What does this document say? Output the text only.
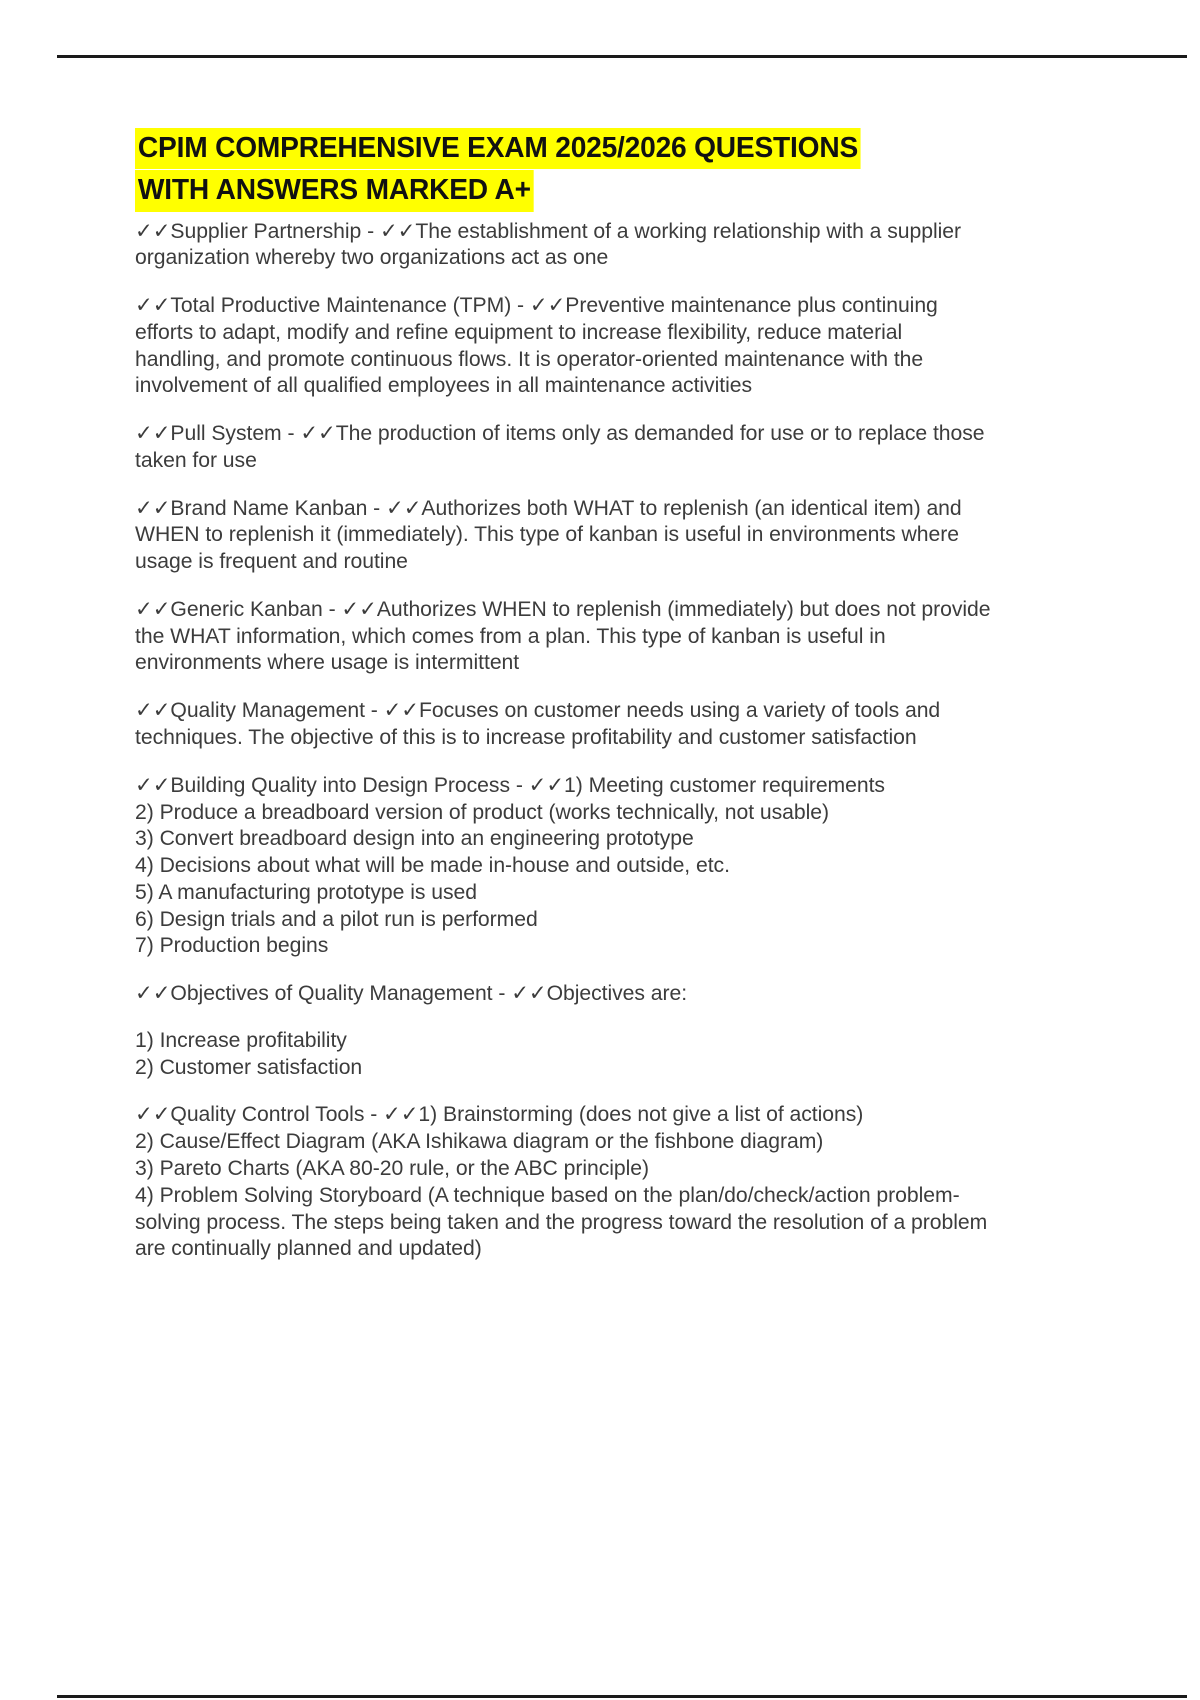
CPIM COMPREHENSIVE EXAM 2025/2026 QUESTIONS
WITH ANSWERS MARKED A+

✓✓Supplier Partnership - ✓✓The establishment of a working relationship with a supplier organization whereby two organizations act as one

✓✓Total Productive Maintenance (TPM) - ✓✓Preventive maintenance plus continuing efforts to adapt, modify and refine equipment to increase flexibility, reduce material handling, and promote continuous flows. It is operator-oriented maintenance with the involvement of all qualified employees in all maintenance activities

✓✓Pull System - ✓✓The production of items only as demanded for use or to replace those taken for use

✓✓Brand Name Kanban - ✓✓Authorizes both WHAT to replenish (an identical item) and WHEN to replenish it (immediately). This type of kanban is useful in environments where usage is frequent and routine

✓✓Generic Kanban - ✓✓Authorizes WHEN to replenish (immediately) but does not provide the WHAT information, which comes from a plan. This type of kanban is useful in environments where usage is intermittent

✓✓Quality Management - ✓✓Focuses on customer needs using a variety of tools and techniques. The objective of this is to increase profitability and customer satisfaction

✓✓Building Quality into Design Process - ✓✓1) Meeting customer requirements
2) Produce a breadboard version of product (works technically, not usable)
3) Convert breadboard design into an engineering prototype
4) Decisions about what will be made in-house and outside, etc.
5) A manufacturing prototype is used
6) Design trials and a pilot run is performed
7) Production begins

✓✓Objectives of Quality Management - ✓✓Objectives are:

1) Increase profitability
2) Customer satisfaction
✓✓Quality Control Tools - ✓✓1) Brainstorming (does not give a list of actions)
2) Cause/Effect Diagram (AKA Ishikawa diagram or the fishbone diagram)
3) Pareto Charts (AKA 80-20 rule, or the ABC principle)
4) Problem Solving Storyboard (A technique based on the plan/do/check/action problem-solving process. The steps being taken and the progress toward the resolution of a problem are continually planned and updated)
